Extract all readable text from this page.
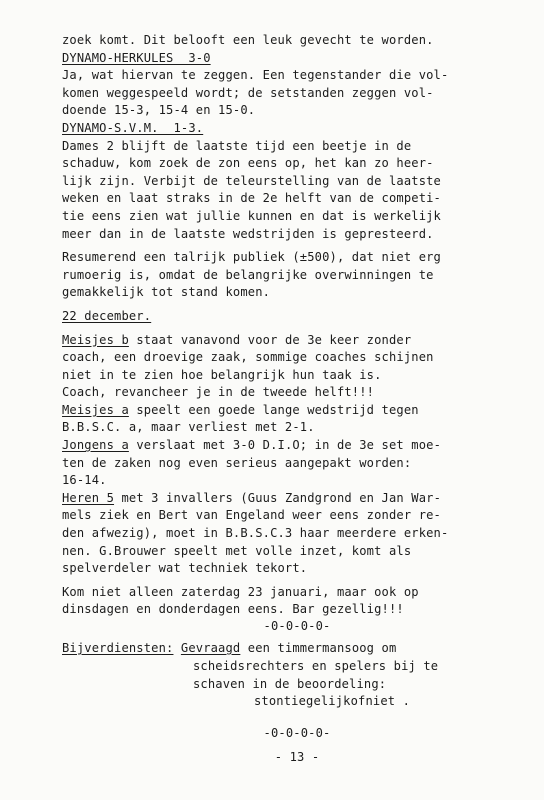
zoek komt. Dit belooft een leuk gevecht te worden.
DYNAMO-HERKULES  3-0
Ja, wat hiervan te zeggen. Een tegenstander die vol-
komen weggespeeld wordt; de setstanden zeggen vol-
doende 15-3, 15-4 en 15-0.
DYNAMO-S.V.M.  1-3.
Dames 2 blijft de laatste tijd een beetje in de
schaduw, kom zoek de zon eens op, het kan zo heer-
lijk zijn. Verbijt de teleurstelling van de laatste
weken en laat straks in de 2e helft van de competi-
tie eens zien wat jullie kunnen en dat is werkelijk
meer dan in de laatste wedstrijden is gepresteerd.
Resumerend een talrijk publiek (±500), dat niet erg
rumoerig is, omdat de belangrijke overwinningen te
gemakkelijk tot stand komen.
22 december.
Meisjes b staat vanavond voor de 3e keer zonder
coach, een droevige zaak, sommige coaches schijnen
niet in te zien hoe belangrijk hun taak is.
Coach, revancheer je in de tweede helft!!!
Meisjes a speelt een goede lange wedstrijd tegen
B.B.S.C. a, maar verliest met 2-1.
Jongens a verslaat met 3-0 D.I.O; in de 3e set moe-
ten de zaken nog even serieus aangepakt worden:
16-14.
Heren 5 met 3 invallers (Guus Zandgrond en Jan War-
mels ziek en Bert van Engeland weer eens zonder re-
den afwezig), moet in B.B.S.C.3 haar meerdere erken-
nen. G.Brouwer speelt met volle inzet, komt als
spelverdeler wat techniek tekort.
Kom niet alleen zaterdag 23 januari, maar ook op
dinsdagen en donderdagen eens. Bar gezellig!!!
-0-0-0-0-
Bijverdiensten: Gevraagd een timmermansoog om
scheidsrechters en spelers bij te
schaven in de beoordeling:
stontiegelijkofniet .
-0-0-0-0-
- 13 -
